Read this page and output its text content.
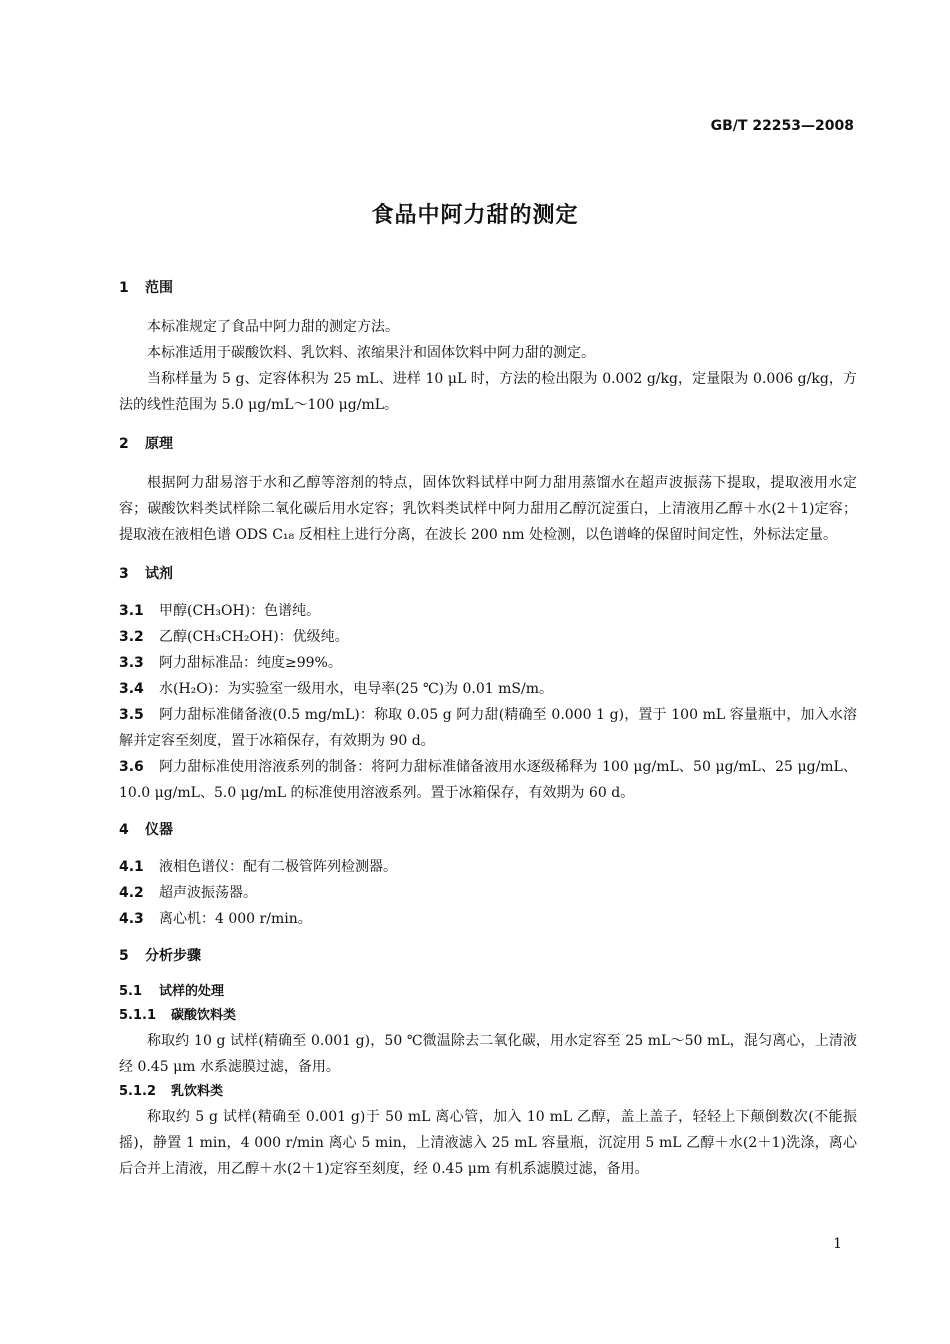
GB/T 22253—2008
食品中阿力甜的测定
1 范围
本标准规定了食品中阿力甜的测定方法。
本标准适用于碳酸饮料、乳饮料、浓缩果汁和固体饮料中阿力甜的测定。
当称样量为 5 g、定容体积为 25 mL、进样 10 μL 时，方法的检出限为 0.002 g/kg，定量限为 0.006 g/kg，方法的线性范围为 5.0 μg/mL～100 μg/mL。
2 原理
根据阿力甜易溶于水和乙醇等溶剂的特点，固体饮料试样中阿力甜用蒸馏水在超声波振荡下提取，提取液用水定容；碳酸饮料类试样除二氧化碳后用水定容；乳饮料类试样中阿力甜用乙醇沉淀蛋白，上清液用乙醇＋水(2＋1)定容；提取液在液相色谱 ODS C₁₈ 反相柱上进行分离，在波长 200 nm 处检测，以色谱峰的保留时间定性，外标法定量。
3 试剂
3.1 甲醇(CH₃OH)：色谱纯。
3.2 乙醇(CH₃CH₂OH)：优级纯。
3.3 阿力甜标准品：纯度≥99%。
3.4 水(H₂O)：为实验室一级用水，电导率(25 ℃)为 0.01 mS/m。
3.5 阿力甜标准储备液(0.5 mg/mL)：称取 0.05 g 阿力甜(精确至 0.000 1 g)，置于 100 mL 容量瓶中，加入水溶解并定容至刻度，置于冰箱保存，有效期为 90 d。
3.6 阿力甜标准使用溶液系列的制备：将阿力甜标准储备液用水逐级稀释为 100 μg/mL、50 μg/mL、25 μg/mL、10.0 μg/mL、5.0 μg/mL 的标准使用溶液系列。置于冰箱保存，有效期为 60 d。
4 仪器
4.1 液相色谱仪：配有二极管阵列检测器。
4.2 超声波振荡器。
4.3 离心机：4 000 r/min。
5 分析步骤
5.1 试样的处理
5.1.1 碳酸饮料类
称取约 10 g 试样(精确至 0.001 g)，50 ℃微温除去二氧化碳，用水定容至 25 mL～50 mL，混匀离心，上清液经 0.45 μm 水系滤膜过滤，备用。
5.1.2 乳饮料类
称取约 5 g 试样(精确至 0.001 g)于 50 mL 离心管，加入 10 mL 乙醇，盖上盖子，轻轻上下颠倒数次(不能振摇)，静置 1 min，4 000 r/min 离心 5 min，上清液滤入 25 mL 容量瓶，沉淀用 5 mL 乙醇＋水(2＋1)洗涤，离心后合并上清液，用乙醇＋水(2＋1)定容至刻度，经 0.45 μm 有机系滤膜过滤，备用。
1
